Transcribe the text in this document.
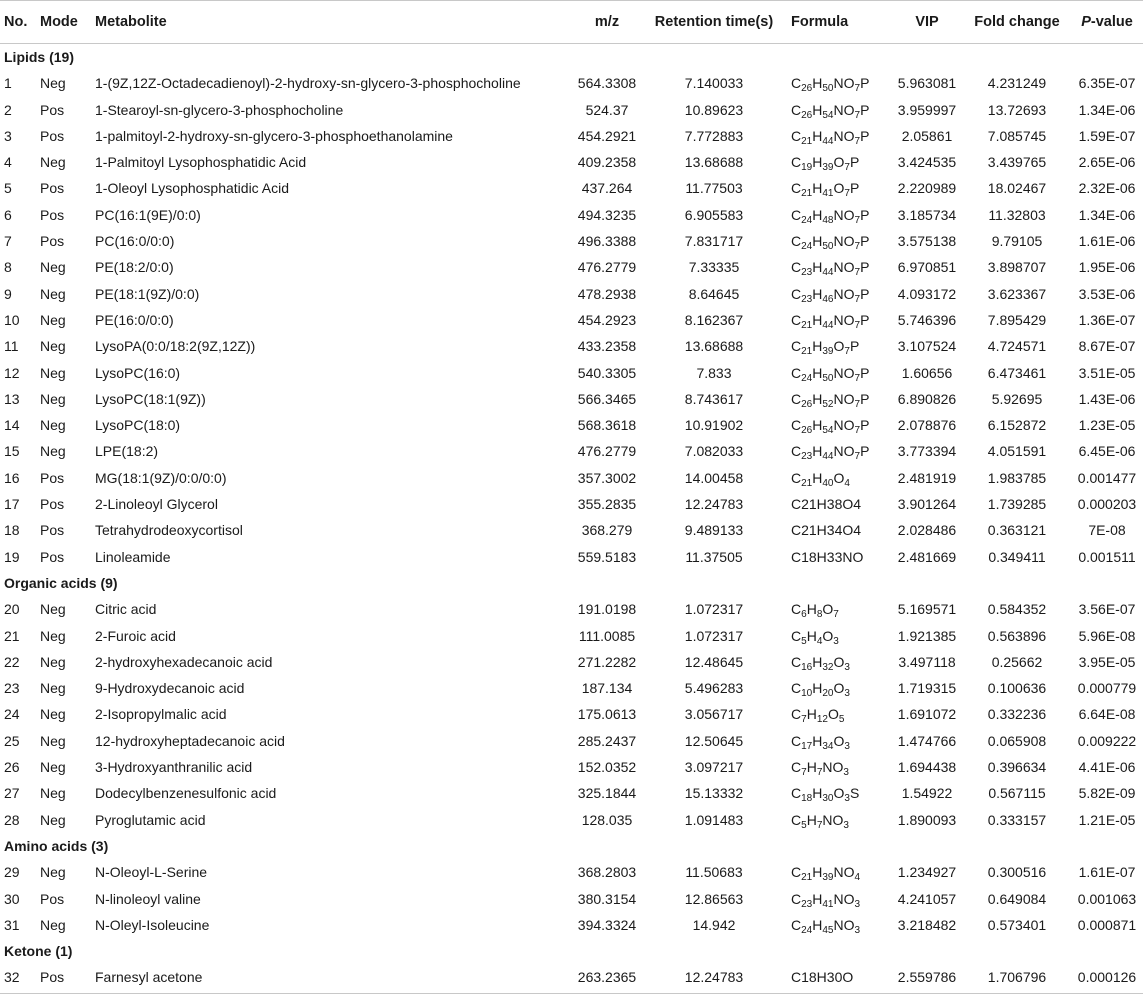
No. Mode Metabolite	m/z	Retention time(s) Formula	VIP	Fold change	P-value
Lipids (19)
1 Neg 1-(9Z,12Z-Octadecadienoyl)-2-hydroxy-sn-glycero-3-phosphocholine	564.3308	7.140033	$C_{26}H_{50}NO_7P$ 5.963081	4.231249	6.35E-07
2 Pos 1-Stearoyl-sn-glycero-3-phosphocholine	524.37	10.89623	$C_{26}H_{54}NO_7P$ 3.959997	13.72693	1.34E-06
3 Pos 1-palmitoyl-2-hydroxy-sn-glycero-3-phosphoethanolamine	454.2921	7.772883	$C_{21}H_{44}NO_7P$	2.05861	7.085745	1.59E-07
4 Neg 1-Palmitoyl Lysophosphatidic Acid	409.2358	13.68688	$C_{19}H_{39}O_7P$	3.424535	3.439765	2.65E-06
5 Pos 1-Oleoyl Lysophosphatidic Acid	437.264	11.77503	$C_{21}H_{41}O_7P$	2.220989	18.02467	2.32E-06
6 Pos PC(16:1(9E)/0:0)	494.3235	6.905583	$C_{24}H_{48}NO_7P$ 3.185734	11.32803	1.34E-06
7 Pos PC(16:0/0:0)	496.3388	7.831717	$C_{24}H_{50}NO_7P$ 3.575138	9.79105	1.61E-06
8 Neg PE(18:2/0:0)	476.2779	7.33335	$C_{23}H_{44}NO_7P$ 6.970851	3.898707	1.95E-06
9 Neg PE(18:1(9Z)/0:0)	478.2938	8.64645	$C_{23}H_{46}NO_7P$ 4.093172	3.623367	3.53E-06
10 Neg PE(16:0/0:0)	454.2923	8.162367	$C_{21}H_{44}NO_7P$ 5.746396	7.895429	1.36E-07
11 Neg LysoPA(0:0/18:2(9Z,12Z))	433.2358	13.68688	$C_{21}H_{39}O_7P$	3.107524	4.724571	8.67E-07
12 Neg LysoPC(16:0)	540.3305	7.833	$C_{24}H_{50}NO_7P$	1.60656	6.473461	3.51E-05
13 Neg LysoPC(18:1(9Z))	566.3465	8.743617	$C_{26}H_{52}NO_7P$ 6.890826	5.92695	1.43E-06
14 Neg LysoPC(18:0)	568.3618	10.91902	$C_{26}H_{54}NO_7P$ 2.078876	6.152872	1.23E-05
15 Neg LPE(18:2)	476.2779	7.082033	$C_{23}H_{44}NO_7P$ 3.773394	4.051591	6.45E-06
16 Pos MG(18:1(9Z)/0:0/0:0)	357.3002	14.00458	$C_{21}H_{40}O_4$	2.481919	1.983785	0.001477
17 Pos 2-Linoleoyl Glycerol	355.2835	12.24783	C21H38O4	3.901264	1.739285	0.000203
18 Pos Tetrahydrodeoxycortisol	368.279	9.489133	C21H34O4	2.028486	0.363121	7E-08
19 Pos Linoleamide	559.5183	11.37505	C18H33NO 2.481669	0.349411	0.001511
Organic acids (9)
20 Neg Citric acid	191.0198	1.072317	$C_6H_8O_7$	5.169571	0.584352	3.56E-07
21 Neg 2-Furoic acid	111.0085	1.072317	$C_5H_4O_3$	1.921385	0.563896	5.96E-08
22 Neg 2-hydroxyhexadecanoic acid	271.2282	12.48645	$C_{16}H_{32}O_3$	3.497118	0.25662	3.95E-05
23 Neg 9-Hydroxydecanoic acid	187.134	5.496283	$C_{10}H_{20}O_3$	1.719315	0.100636	0.000779
24 Neg 2-Isopropylmalic acid	175.0613	3.056717	$C_7H_{12}O_5$	1.691072	0.332236	6.64E-08
25 Neg 12-hydroxyheptadecanoic acid	285.2437	12.50645	$C_{17}H_{34}O_3$	1.474766	0.065908	0.009222
26 Neg 3-Hydroxyanthranilic acid	152.0352	3.097217	$C_7H_7NO_3$	1.694438	0.396634	4.41E-06
27 Neg Dodecylbenzenesulfonic acid	325.1844	15.13332	$C_{18}H_{30}O_3S$	1.54922	0.567115	5.82E-09
28 Neg Pyroglutamic acid	128.035	1.091483	$C_5H_7NO_3$	1.890093	0.333157	1.21E-05
Amino acids (3)
29 Neg N-Oleoyl-L-Serine	368.2803	11.50683	$C_{21}H_{39}NO_4$	1.234927	0.300516	1.61E-07
30 Pos N-linoleoyl valine	380.3154	12.86563	$C_{23}H_{41}NO_3$	4.241057	0.649084	0.001063
31 Neg N-Oleyl-Isoleucine	394.3324	14.942	$C_{24}H_{45}NO_3$	3.218482	0.573401	0.000871
Ketone (1)
32 Pos Farnesyl acetone	263.2365	12.24783	C18H30O	2.559786	1.706796	0.000126
